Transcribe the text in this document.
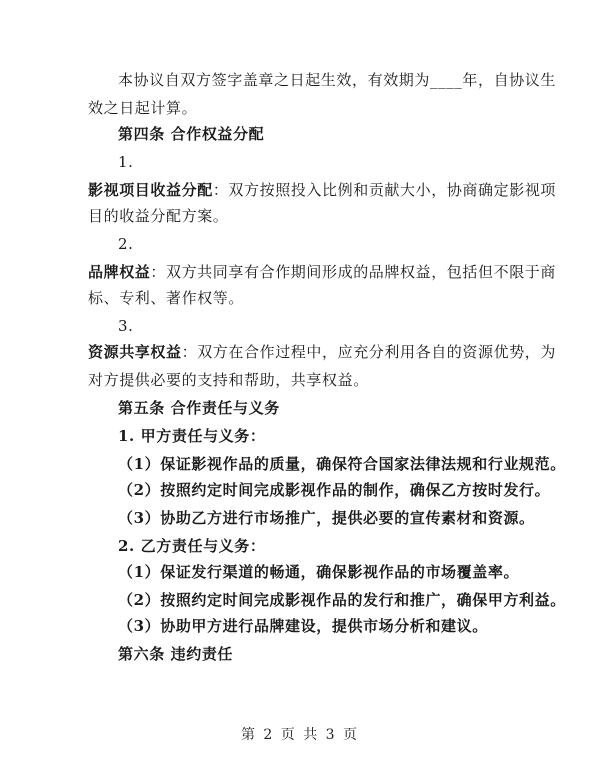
本协议自双方签字盖章之日起生效，有效期为____年，自协议生
效之日起计算。
第四条 合作权益分配
1.
影视项目收益分配：双方按照投入比例和贡献大小，协商确定影视项
目的收益分配方案。
2.
品牌权益：双方共同享有合作期间形成的品牌权益，包括但不限于商
标、专利、著作权等。
3.
资源共享权益：双方在合作过程中，应充分利用各自的资源优势，为
对方提供必要的支持和帮助，共享权益。
第五条 合作责任与义务
1. 甲方责任与义务：
（1）保证影视作品的质量，确保符合国家法律法规和行业规范。
（2）按照约定时间完成影视作品的制作，确保乙方按时发行。
（3）协助乙方进行市场推广，提供必要的宣传素材和资源。
2. 乙方责任与义务：
（1）保证发行渠道的畅通，确保影视作品的市场覆盖率。
（2）按照约定时间完成影视作品的发行和推广，确保甲方利益。
（3）协助甲方进行品牌建设，提供市场分析和建议。
第六条 违约责任
第 2 页 共 3 页
